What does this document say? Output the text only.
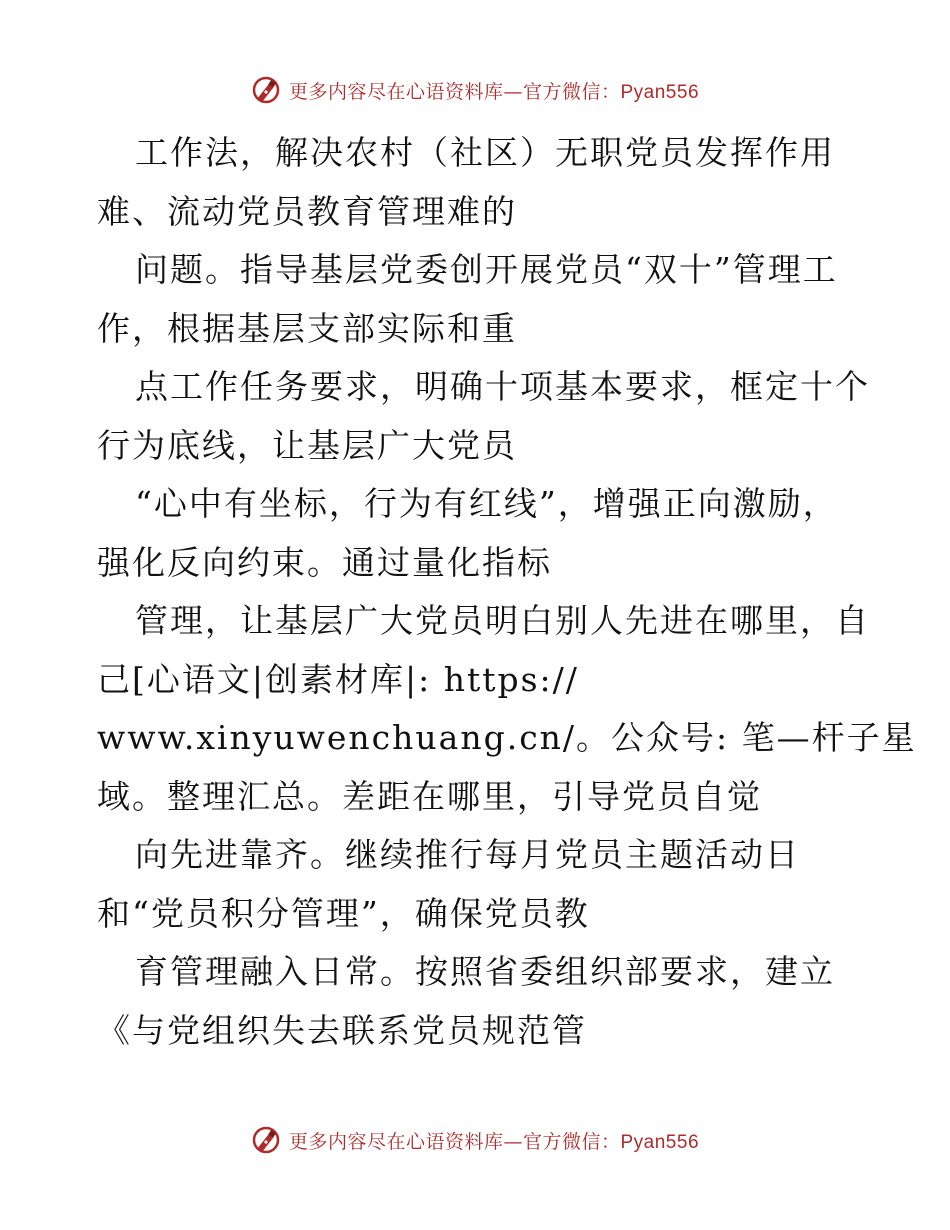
更多内容尽在心语资料库—官方微信：Pyan556
工作法，解决农村（社区）无职党员发挥作用
难、流动党员教育管理难的
问题。指导基层党委创开展党员“双十”管理工
作，根据基层支部实际和重
点工作任务要求，明确十项基本要求，框定十个
行为底线，让基层广大党员
“心中有坐标，行为有红线”，增强正向激励，
强化反向约束。通过量化指标
管理，让基层广大党员明白别人先进在哪里，自
己[心语文|创素材库|: https://
www.xinyuwenchuang.cn/。公众号: 笔—杆子星
域。整理汇总。差距在哪里，引导党员自觉
向先进靠齐。继续推行每月党员主题活动日
和“党员积分管理”，确保党员教
育管理融入日常。按照省委组织部要求，建立
《与党组织失去联系党员规范管
更多内容尽在心语资料库—官方微信：Pyan556
